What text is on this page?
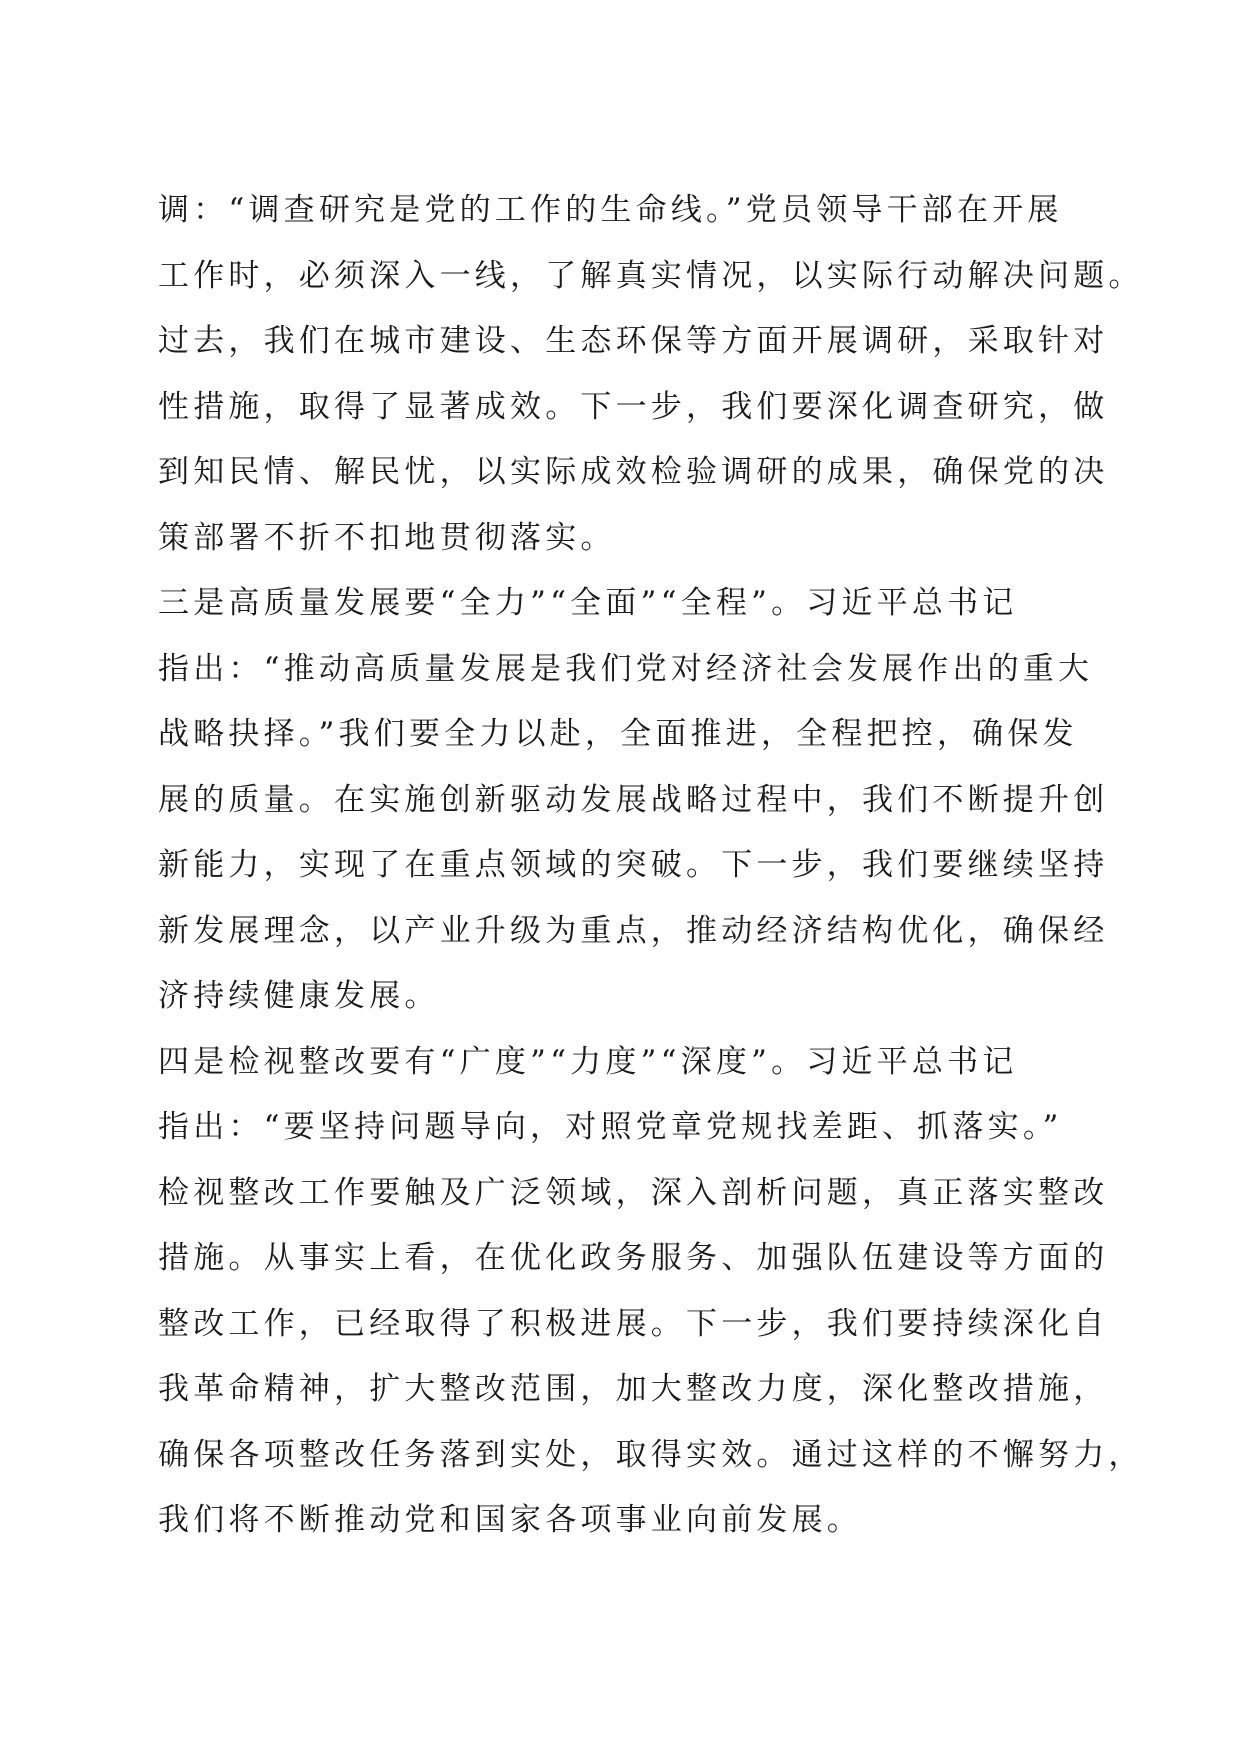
调：“调查研究是党的工作的生命线。”党员领导干部在开展
工作时，必须深入一线，了解真实情况，以实际行动解决问题。
过去，我们在城市建设、生态环保等方面开展调研，采取针对
性措施，取得了显著成效。下一步，我们要深化调查研究，做
到知民情、解民忧，以实际成效检验调研的成果，确保党的决
策部署不折不扣地贯彻落实。
三是高质量发展要“全力”“全面”“全程”。习近平总书记
指出：“推动高质量发展是我们党对经济社会发展作出的重大
战略抉择。”我们要全力以赴，全面推进，全程把控，确保发
展的质量。在实施创新驱动发展战略过程中，我们不断提升创
新能力，实现了在重点领域的突破。下一步，我们要继续坚持
新发展理念，以产业升级为重点，推动经济结构优化，确保经
济持续健康发展。
四是检视整改要有“广度”“力度”“深度”。习近平总书记
指出：“要坚持问题导向，对照党章党规找差距、抓落实。”
检视整改工作要触及广泛领域，深入剖析问题，真正落实整改
措施。从事实上看，在优化政务服务、加强队伍建设等方面的
整改工作，已经取得了积极进展。下一步，我们要持续深化自
我革命精神，扩大整改范围，加大整改力度，深化整改措施，
确保各项整改任务落到实处，取得实效。通过这样的不懈努力，
我们将不断推动党和国家各项事业向前发展。
